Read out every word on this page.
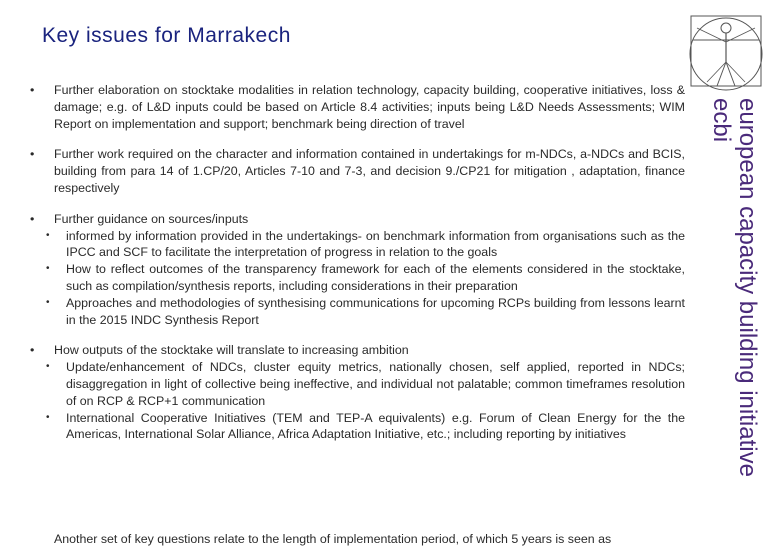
Key issues for Marrakech
european capacity building initiative
ecbi
• Further elaboration on stocktake modalities in relation technology, capacity building, cooperative initiatives, loss & damage; e.g. of L&D inputs could be based on Article 8.4 activities; inputs being L&D Needs Assessments; WIM Report on implementation and support; benchmark being direction of travel
• Further work required on the character and information contained in undertakings for m-NDCs, a-NDCs and BCIS, building from para 14 of 1.CP/20, Articles 7-10 and 7-3, and decision 9./CP21 for mitigation , adaptation, finance respectively
• Further guidance on sources/inputs
• informed by information provided in the undertakings- on benchmark information from organisations such as the IPCC and SCF to facilitate the interpretation of progress in relation to the goals
• How to reflect outcomes of the transparency framework for each of the elements considered in the stocktake, such as compilation/synthesis reports, including considerations in their preparation
• Approaches and methodologies of synthesising communications for upcoming RCPs building from lessons learnt in the 2015 INDC Synthesis Report
• How outputs of the stocktake will translate to increasing ambition
• Update/enhancement of NDCs, cluster equity metrics, nationally chosen, self applied, reported in NDCs; disaggregation in light of collective being ineffective, and individual not palatable; common timeframes resolution of on RCP & RCP+1 communication
• International Cooperative Initiatives (TEM and TEP-A equivalents) e.g. Forum of Clean Energy for the the Americas, International Solar Alliance, Africa Adaptation Initiative, etc.; including reporting by initiatives
Another set of key questions relate to the length of implementation period, of which 5 years is seen as
